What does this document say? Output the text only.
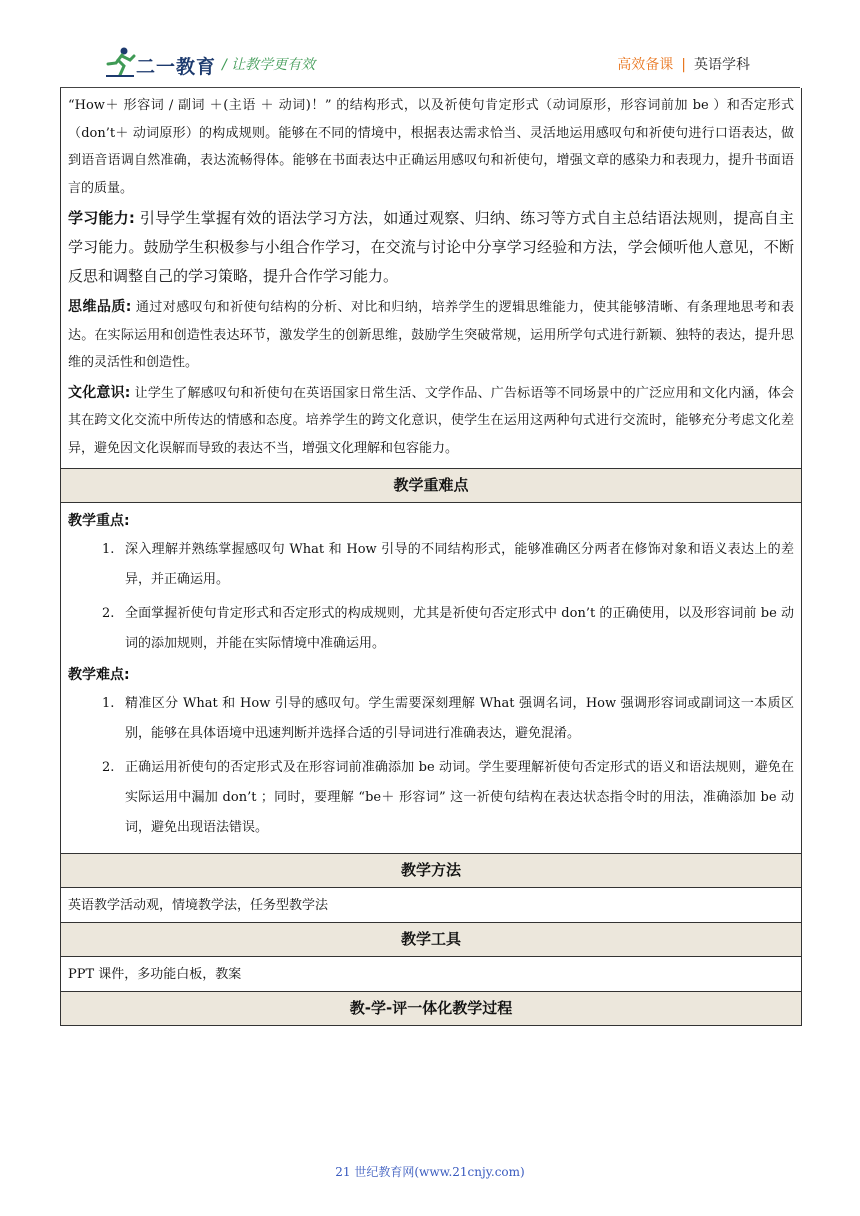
二一教育 / 让教学更有效	高效备课 | 英语学科

“How＋ 形容词 / 副词 ＋(主语 ＋ 动词)！” 的结构形式，以及祈使句肯定形式（动词原形，形容词前加 be ）和否定形式（don’t＋ 动词原形）的构成规则。能够在不同的情境中，根据表达需求恰当、灵活地运用感叹句和祈使句进行口语表达，做到语音语调自然准确，表达流畅得体。能够在书面表达中正确运用感叹句和祈使句，增强文章的感染力和表现力，提升书面语言的质量。

学习能力: 引导学生掌握有效的语法学习方法，如通过观察、归纳、练习等方式自主总结语法规则，提高自主学习能力。鼓励学生积极参与小组合作学习，在交流与讨论中分享学习经验和方法，学会倾听他人意见，不断反思和调整自己的学习策略，提升合作学习能力。

思维品质: 通过对感叹句和祈使句结构的分析、对比和归纳，培养学生的逻辑思维能力，使其能够清晰、有条理地思考和表达。在实际运用和创造性表达环节，激发学生的创新思维，鼓励学生突破常规，运用所学句式进行新颖、独特的表达，提升思维的灵活性和创造性。

文化意识: 让学生了解感叹句和祈使句在英语国家日常生活、文学作品、广告标语等不同场景中的广泛应用和文化内涵，体会其在跨文化交流中所传达的情感和态度。培养学生的跨文化意识，使学生在运用这两种句式进行交流时，能够充分考虑文化差异，避免因文化误解而导致的表达不当，增强文化理解和包容能力。

教学重难点

教学重点:

1. 深入理解并熟练掌握感叹句 What 和 How 引导的不同结构形式，能够准确区分两者在修饰对象和语义表达上的差异，并正确运用。
2. 全面掌握祈使句肯定形式和否定形式的构成规则，尤其是祈使句否定形式中 don’t 的正确使用，以及形容词前 be 动词的添加规则，并能在实际情境中准确运用。

教学难点:

1. 精准区分 What 和 How 引导的感叹句。学生需要深刻理解 What 强调名词，How 强调形容词或副词这一本质区别，能够在具体语境中迅速判断并选择合适的引导词进行准确表达，避免混淆。
2. 正确运用祈使句的否定形式及在形容词前准确添加 be 动词。学生要理解祈使句否定形式的语义和语法规则，避免在实际运用中漏加 don’t ；同时，要理解 “be＋ 形容词” 这一祈使句结构在表达状态指令时的用法，准确添加 be 动词，避免出现语法错误。
教学方法
英语教学活动观，情境教学法，任务型教学法
教学工具
PPT 课件，多功能白板，教案
教-学-评一体化教学过程
21 世纪教育网(www.21cnjy.com)
